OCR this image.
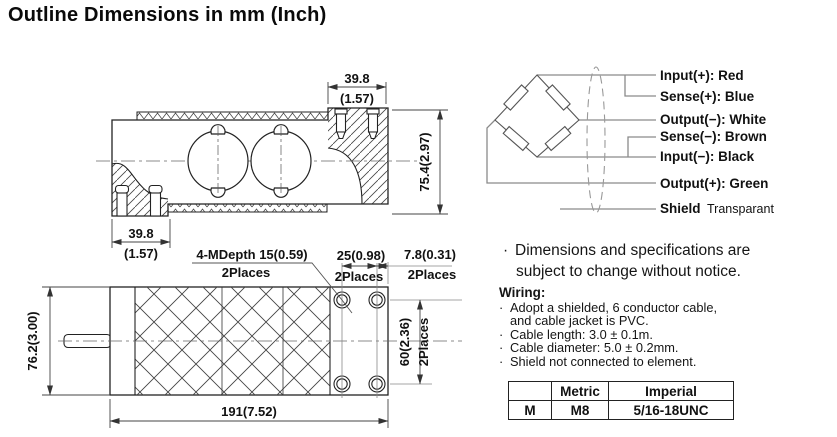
39.8
(1.57)
75.4(2.97)
39.8
(1.57)	25(0.98)
2Places
7.8(0.31)
2Places
4-MDepth 15(0.59)
2Places
76.2(3.00)
191(7.52)
60(2.36) 2Places
Input(+): Red
Sense(+): Blue
Output(−): White
Sense(−): Brown
Input(−): Black
Output(+): Green
Shield Transparant
Outline Dimensions in mm (Inch)
· Dimensions and specifications are
subject to change without notice.

Wiring:

· Adopt a shielded, 6 conductor cable,
and cable jacket is PVC.
· Cable length: 3.0 ± 0.1m.
· Cable diameter: 5.0 ± 0.2mm.
· Shield not connected to element.
	Metric	Imperial
M	M8	5/16-18UNC
